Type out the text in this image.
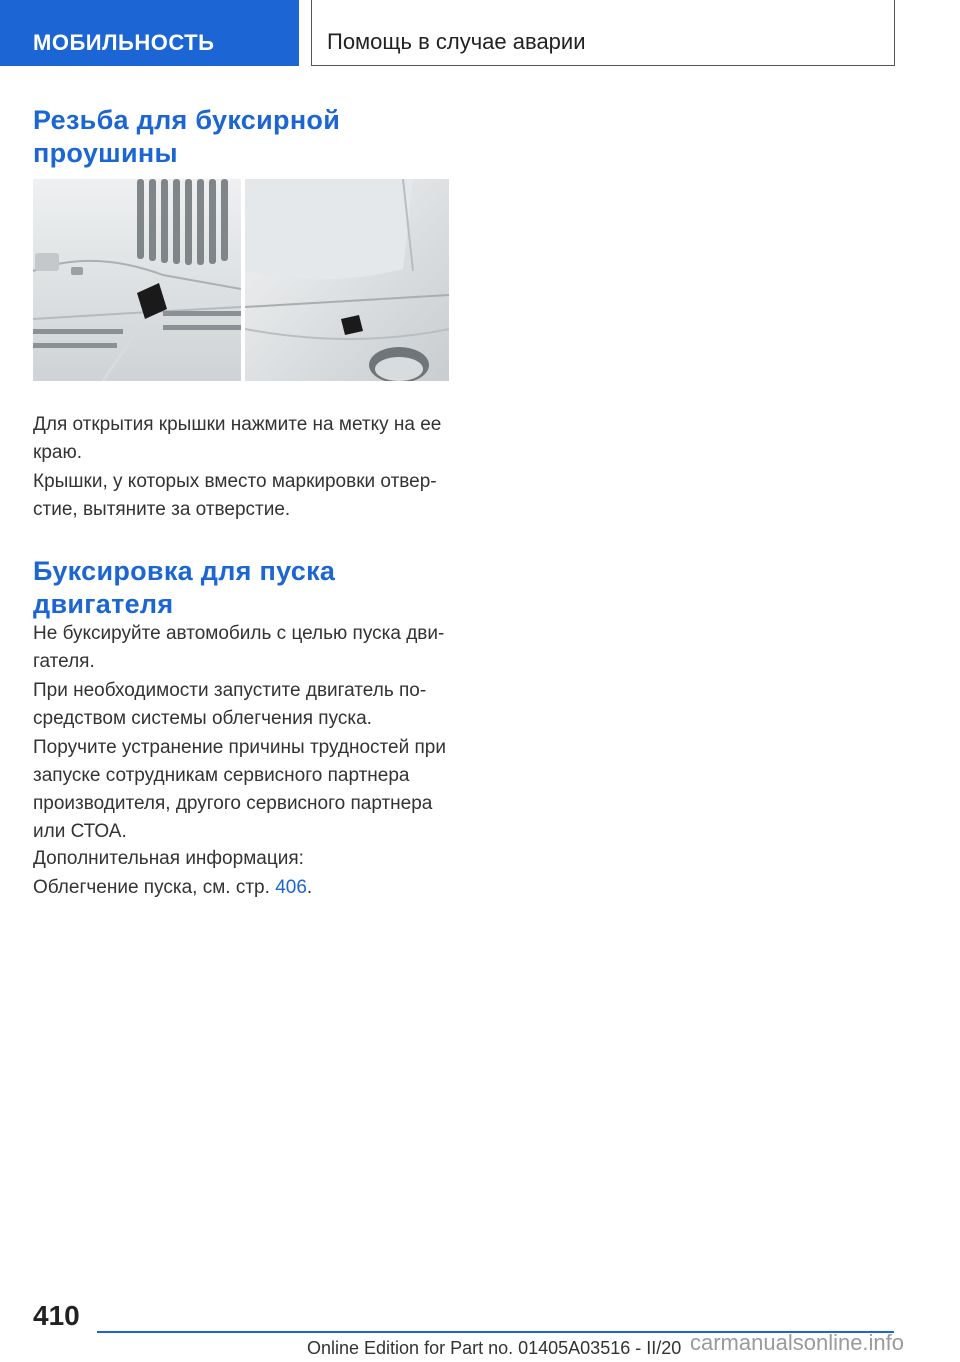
МОБИЛЬНОСТЬ	Помощь в случае аварии
Резьба для буксирной
проушины

Для открытия крышки нажмите на метку на ее
краю.

Крышки, у которых вместо маркировки отвер‐
стие, вытяните за отверстие.

Буксировка для пуска
двигателя

Не буксируйте автомобиль с целью пуска дви‐
гателя.

При необходимости запустите двигатель по‐
средством системы облегчения пуска.

Поручите устранение причины трудностей при
запуске сотрудникам сервисного партнера
производителя, другого сервисного партнера
или СТОА.

Дополнительная информация:

Облегчение пуска, см. стр. 406.

410
Online Edition for Part no. 01405A03516 - II/20 carmanualsonline.info
